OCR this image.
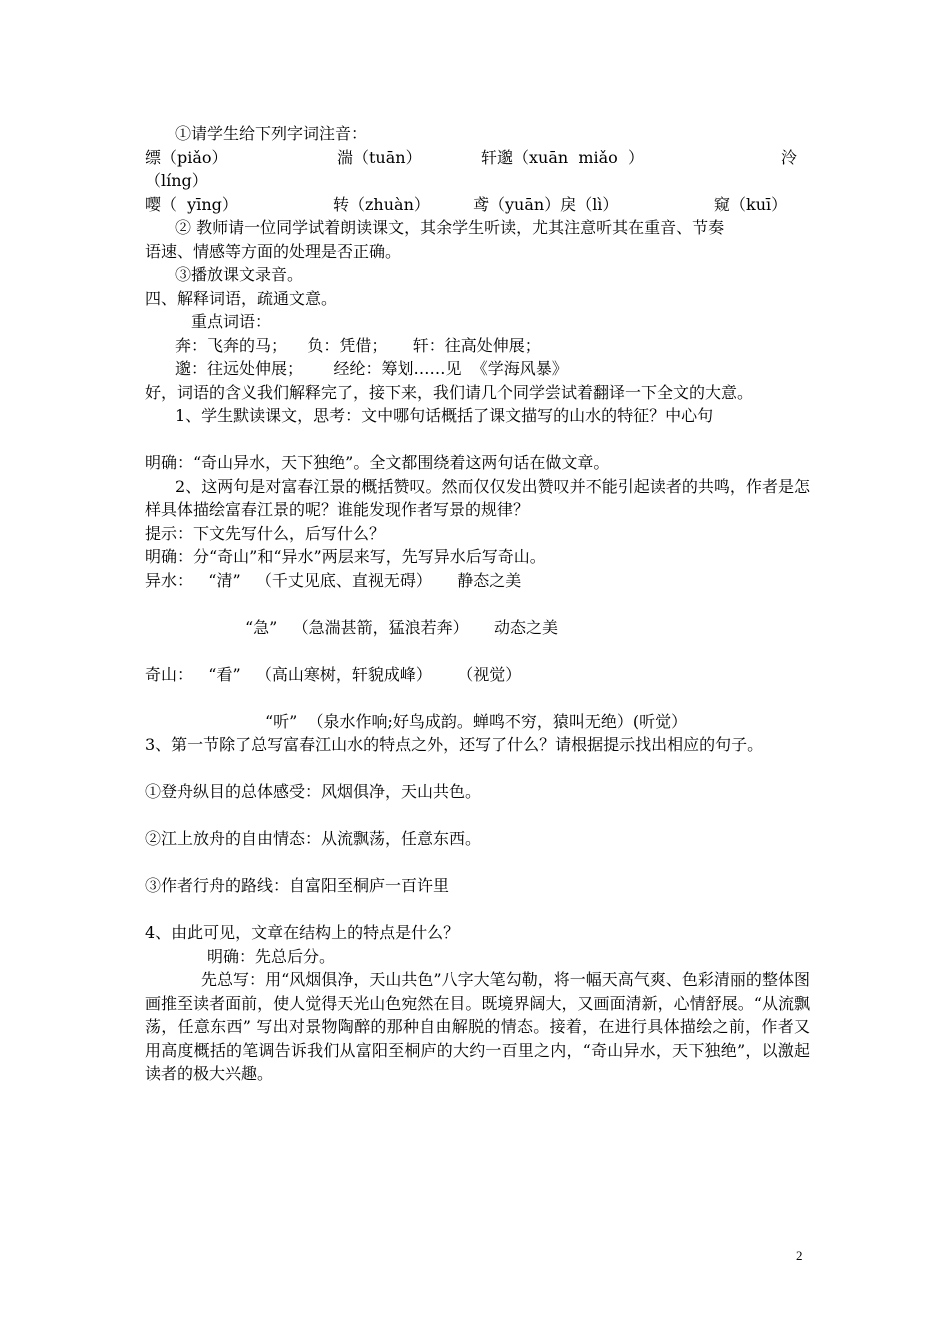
①请学生给下列字词注音：
缥（piǎo）	湍（tuān）	轩邈（xuān  miǎo  ）	泠
（líng）
嘤（  yīng）	转（zhuàn）	鸢（yuān）戾（lì）	窥（kuī）
② 教师请一位同学试着朗读课文，其余学生听读，尤其注意听其在重音、节奏
语速、情感等方面的处理是否正确。
③播放课文录音。
四、解释词语，疏通文意。
重点词语：
奔：飞奔的马；    负：凭借；     轩：往高处伸展；
邈：往远处伸展；      经纶：筹划……见  《学海风暴》
好，词语的含义我们解释完了，接下来，我们请几个同学尝试着翻译一下全文的大意。
1、学生默读课文，思考：文中哪句话概括了课文描写的山水的特征？中心句
明确：“奇山异水，天下独绝”。全文都围绕着这两句话在做文章。
2、这两句是对富春江景的概括赞叹。然而仅仅发出赞叹并不能引起读者的共鸣，作者是怎样具体描绘富春江景的呢？谁能发现作者写景的规律？
提示：下文先写什么，后写什么？
明确：分“奇山”和“异水”两层来写，先写异水后写奇山。
异水：   “清”   （千丈见底、直视无碍）     静态之美
“急”   （急湍甚箭，猛浪若奔）     动态之美
奇山：   “看”   （高山寒树，轩貌成峰）     （视觉）
“听”  （泉水作响;好鸟成韵。蝉鸣不穷，猿叫无绝）(听觉）
3、第一节除了总写富春江山水的特点之外，还写了什么？请根据提示找出相应的句子。
①登舟纵目的总体感受：风烟俱净，天山共色。
②江上放舟的自由情态：从流飘荡，任意东西。
③作者行舟的路线：自富阳至桐庐一百许里
4、由此可见，文章在结构上的特点是什么？
明确：先总后分。
先总写：用“风烟俱净，天山共色”八字大笔勾勒，将一幅天高气爽、色彩清丽的整体图画推至读者面前，使人觉得天光山色宛然在目。既境界阔大，又画面清新，心情舒展。“从流飘荡，任意东西” 写出对景物陶醉的那种自由解脱的情态。接着，在进行具体描绘之前，作者又用高度概括的笔调告诉我们从富阳至桐庐的大约一百里之内，“奇山异水，天下独绝”，以激起读者的极大兴趣。
2
